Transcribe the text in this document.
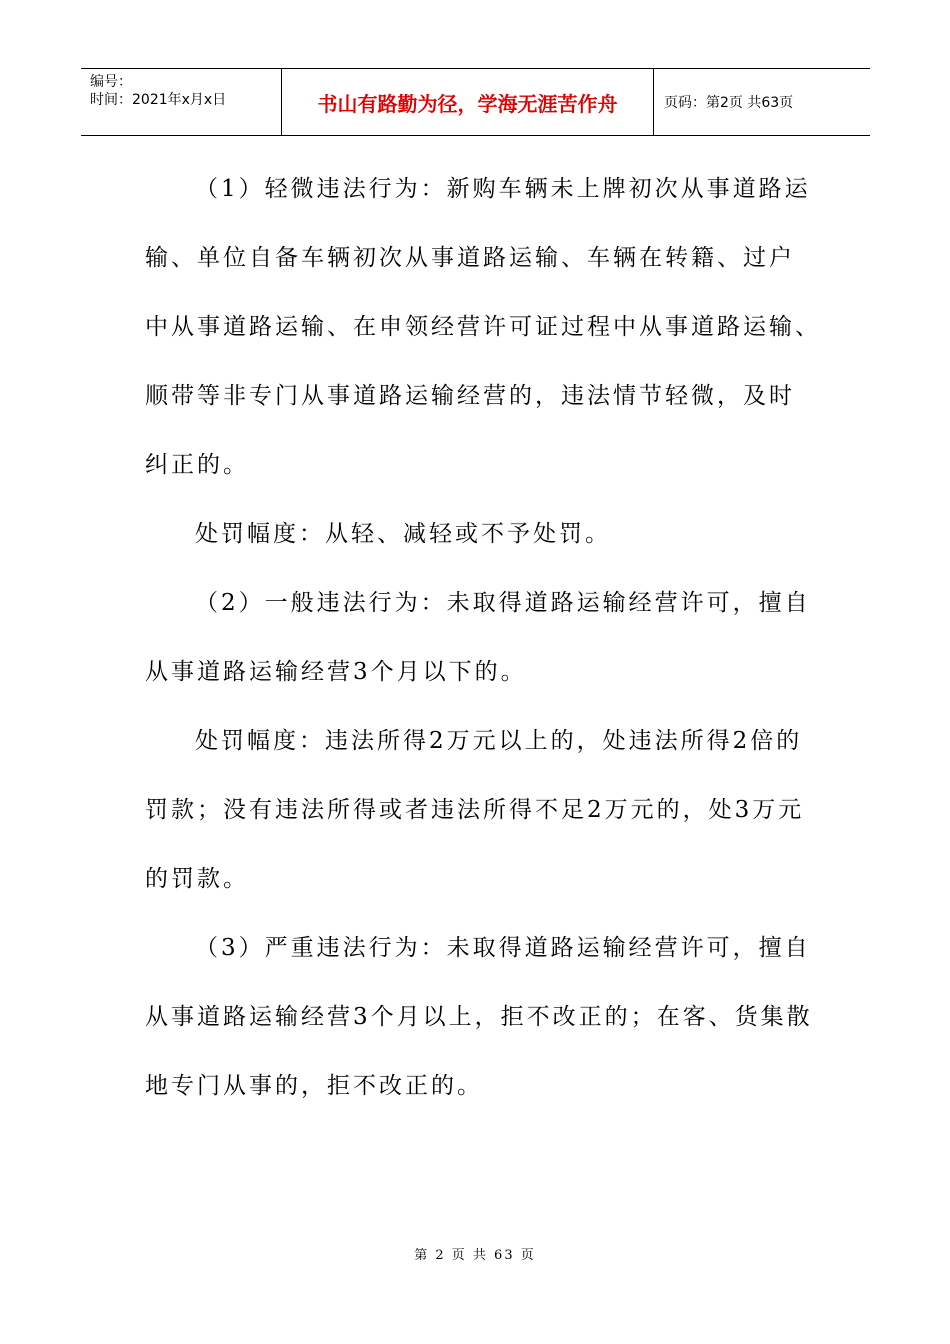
编号：
时间：2021年x月x日	书山有路勤为径，学海无涯苦作舟	页码：第2页 共63页

（1）轻微违法行为：新购车辆未上牌初次从事道路运
输、单位自备车辆初次从事道路运输、车辆在转籍、过户
中从事道路运输、在申领经营许可证过程中从事道路运输、
顺带等非专门从事道路运输经营的，违法情节轻微，及时
纠正的。

处罚幅度：从轻、减轻或不予处罚。

（2）一般违法行为：未取得道路运输经营许可，擅自
从事道路运输经营3个月以下的。

处罚幅度：违法所得2万元以上的，处违法所得2倍的
罚款；没有违法所得或者违法所得不足2万元的，处3万元
的罚款。

（3）严重违法行为：未取得道路运输经营许可，擅自
从事道路运输经营3个月以上，拒不改正的；在客、货集散
地专门从事的，拒不改正的。

第 2 页 共 63 页
